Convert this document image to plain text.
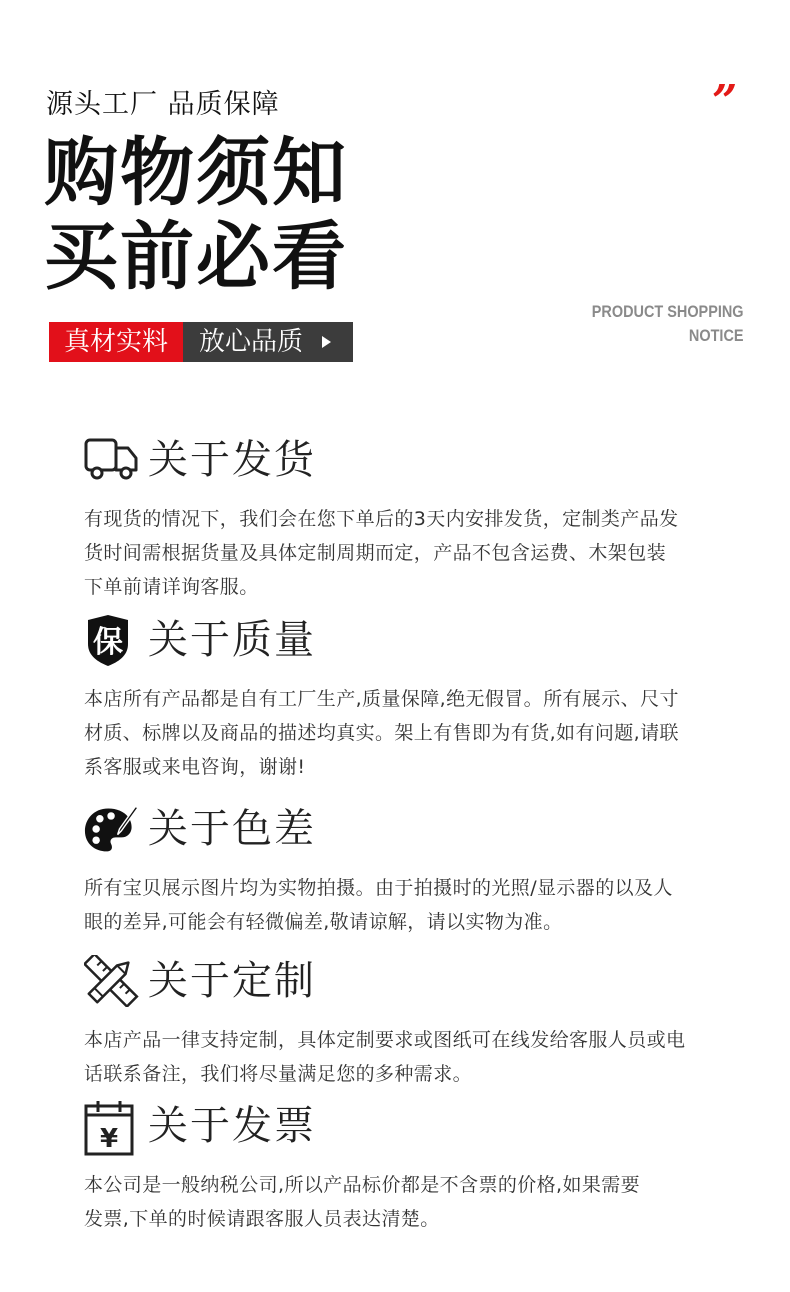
源头工厂 品质保障	”
购物须知
买前必看
PRODUCT SHOPPING
NOTICE
真材实料	放心品质
关于发货
有现货的情况下，我们会在您下单后的3天内安排发货，定制类产品发
货时间需根据货量及具体定制周期而定，产品不包含运费、木架包装
下单前请详询客服。
保 关于质量
本店所有产品都是自有工厂生产,质量保障,绝无假冒。所有展示、尺寸
材质、标牌以及商品的描述均真实。架上有售即为有货,如有问题,请联
系客服或来电咨询，谢谢!
关于色差
所有宝贝展示图片均为实物拍摄。由于拍摄时的光照/显示器的以及人
眼的差异,可能会有轻微偏差,敬请谅解，请以实物为准。
关于定制
本店产品一律支持定制，具体定制要求或图纸可在线发给客服人员或电
话联系备注，我们将尽量满足您的多种需求。
¥ 关于发票
本公司是一般纳税公司,所以产品标价都是不含票的价格,如果需要
发票,下单的时候请跟客服人员表达清楚。
